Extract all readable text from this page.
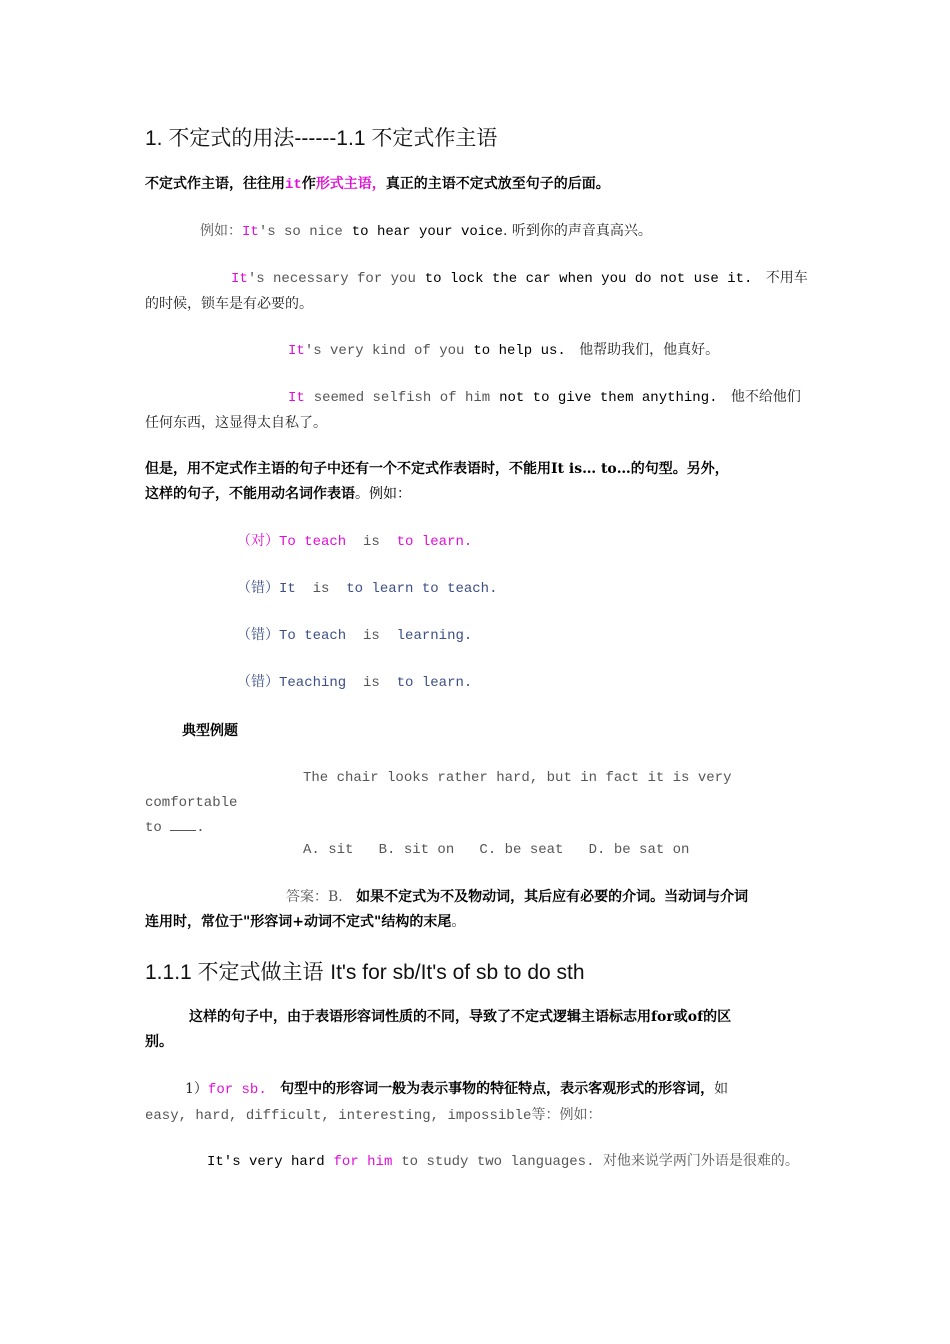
1. 不定式的用法------1.1 不定式作主语
不定式作主语，往往用it作形式主语，真正的主语不定式放至句子的后面。
例如：It's so nice to hear your voice. 听到你的声音真高兴。
It's necessary for you to lock the car when you do not use it. 不用车
的时候，锁车是有必要的。
It's very kind of you to help us. 他帮助我们，他真好。
It seemed selfish of him not to give them anything. 他不给他们
任何东西，这显得太自私了。
但是，用不定式作主语的句子中还有一个不定式作表语时，不能用It is… to…的句型。另外，
这样的句子，不能用动名词作表语。例如：
（对）To teach is to learn.
（错）It is to learn to teach.
（错）To teach is learning.
（错）Teaching is to learn.
典型例题
The chair looks rather hard, but in fact it is very comfortable
to .
A. sit   B. sit on   C. be seat   D. be sat on
答案：B. 如果不定式为不及物动词，其后应有必要的介词。当动词与介词
连用时，常位于"形容词+动词不定式"结构的末尾。
1.1.1 不定式做主语 It's for sb/It's of sb to do sth
这样的句子中，由于表语形容词性质的不同，导致了不定式逻辑主语标志用for或of的区
别。
1）for sb. 句型中的形容词一般为表示事物的特征特点，表示客观形式的形容词，如
easy, hard, difficult, interesting, impossible等：例如：
It's very hard for him to study two languages. 对他来说学两门外语是很难的。
